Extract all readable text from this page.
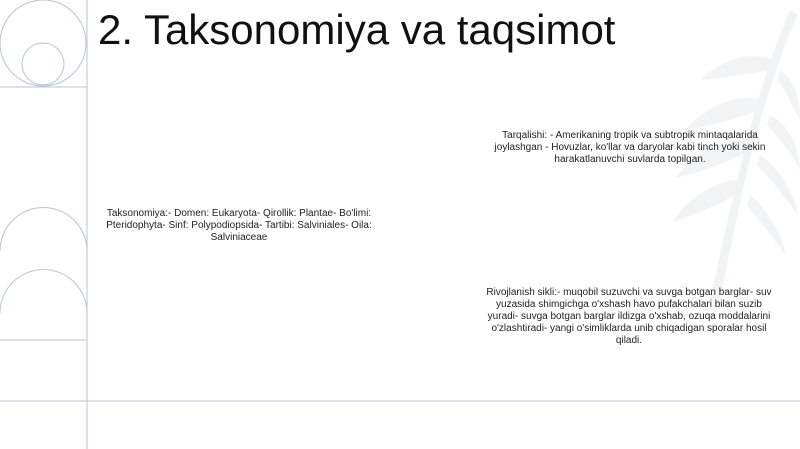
2. Taksonomiya va taqsimot
Taksonomiya:- Domen: Eukaryota- Qirollik: Plantae- Bo'limi: Pteridophyta- Sinf: Polypodiopsida- Tartibi: Salviniales- Oila: Salviniaceae
Tarqalishi: - Amerikaning tropik va subtropik mintaqalarida joylashgan - Hovuzlar, ko'llar va daryolar kabi tinch yoki sekin harakatlanuvchi suvlarda topilgan.
Rivojlanish sikli:- muqobil suzuvchi va suvga botgan barglar- suv yuzasida shimgichga o'xshash havo pufakchalari bilan suzib yuradi- suvga botgan barglar ildizga o'xshab, ozuqa moddalarini o'zlashtiradi- yangi o'simliklarda unib chiqadigan sporalar hosil qiladi.
